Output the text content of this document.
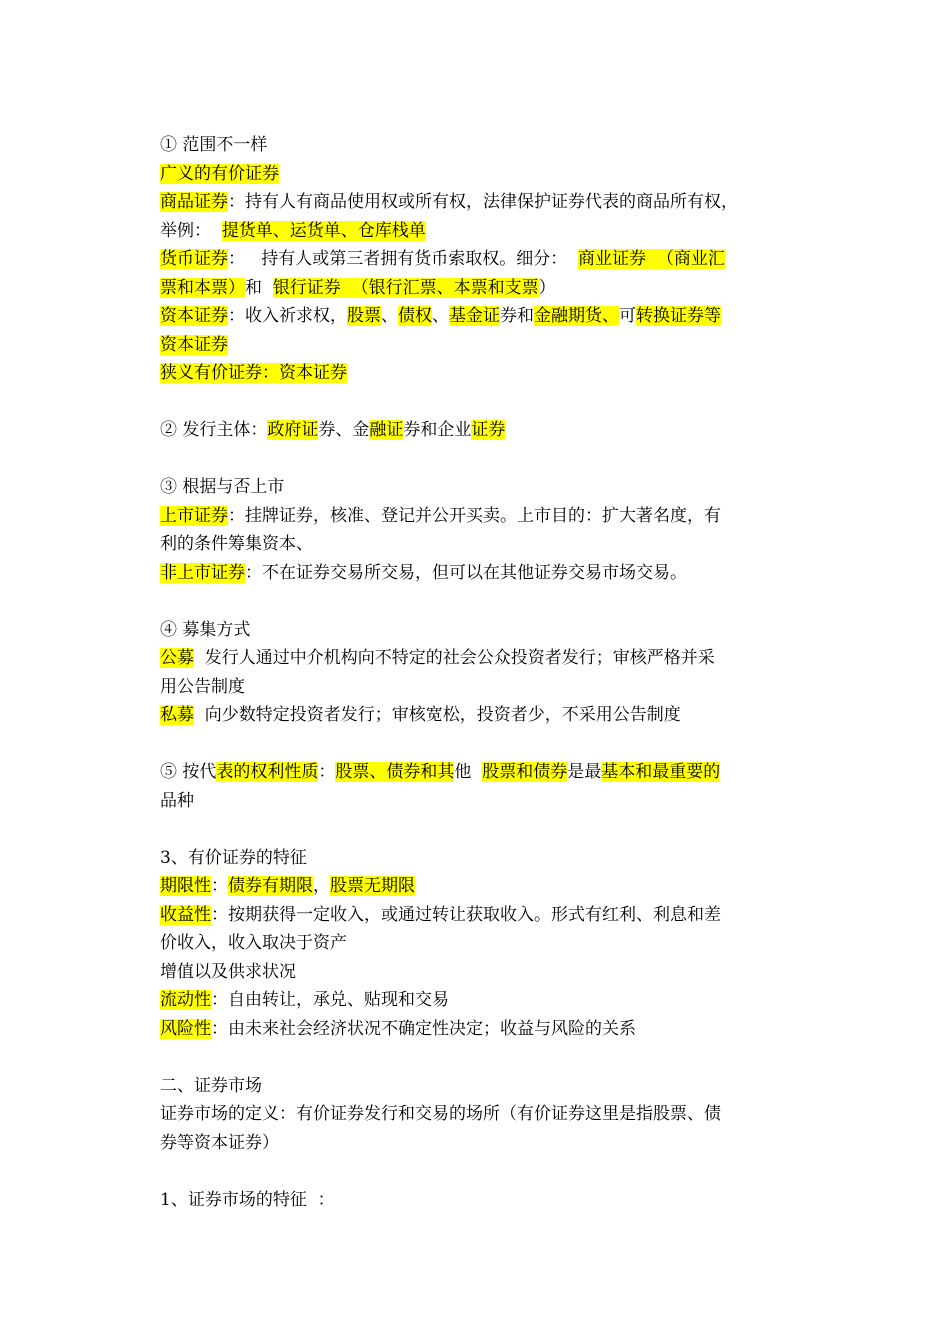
① 范围不一样
广义的有价证券
商品证券：持有人有商品使用权或所有权，法律保护证券代表的商品所有权，
举例：  提货单、运货单、仓库栈单
货币证券：   持有人或第三者拥有货币索取权。细分：  商业证券  （商业汇
票和本票）和  银行证券  （银行汇票、本票和支票）
资本证券：收入祈求权，股票、债权、基金证券和金融期货、可转换证券等
资本证券
狭义有价证券：资本证券
② 发行主体：政府证券、金融证券和企业证券
③ 根据与否上市
上市证券：挂牌证券，核准、登记并公开买卖。上市目的：扩大著名度，有
利的条件筹集资本、
非上市证券：不在证券交易所交易，但可以在其他证券交易市场交易。
④ 募集方式
公募  发行人通过中介机构向不特定的社会公众投资者发行；审核严格并采
用公告制度
私募  向少数特定投资者发行；审核宽松，投资者少，不采用公告制度
⑤ 按代表的权利性质：股票、债券和其他  股票和债券是最基本和最重要的
品种
3、有价证券的特征
期限性：债券有期限，股票无期限
收益性：按期获得一定收入，或通过转让获取收入。形式有红利、利息和差
价收入，收入取决于资产
增值以及供求状况
流动性：自由转让，承兑、贴现和交易
风险性：由未来社会经济状况不确定性决定；收益与风险的关系
二、证券市场
证券市场的定义：有价证券发行和交易的场所（有价证券这里是指股票、债
券等资本证券）
1、证券市场的特征  ：
